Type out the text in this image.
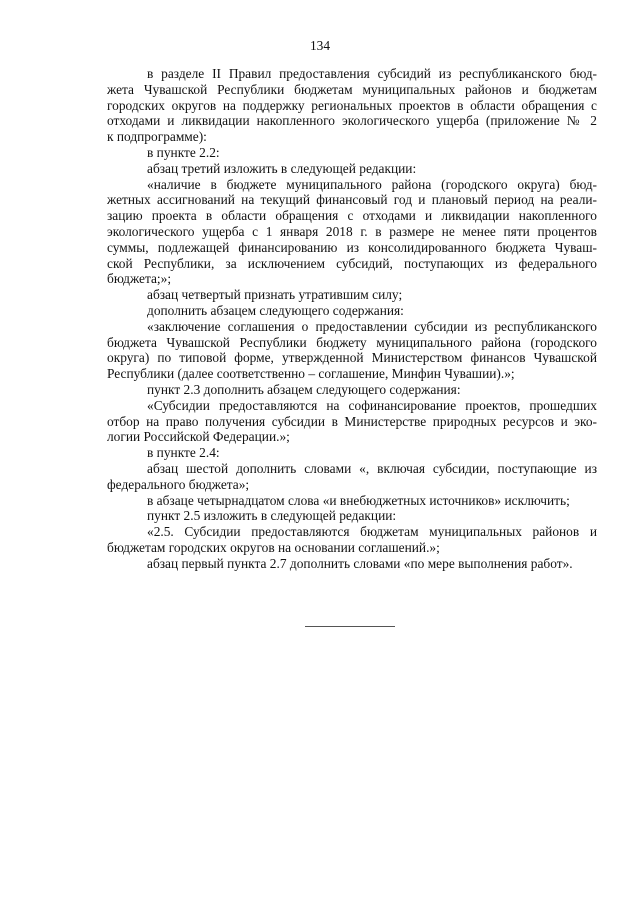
134
в разделе II Правил предоставления субсидий из республиканского бюд-
жета Чувашской Республики бюджетам муниципальных районов и бюджетам
городских округов на поддержку региональных проектов в области обращения с
отходами и ликвидации накопленного экологического ущерба (приложение № 2
к подпрограмме):
в пункте 2.2:
абзац третий изложить в следующей редакции:
«наличие в бюджете муниципального района (городского округа) бюд-
жетных ассигнований на текущий финансовый год и плановый период на реали-
зацию проекта в области обращения с отходами и ликвидации накопленного
экологического ущерба с 1 января 2018 г. в размере не менее пяти процентов
суммы, подлежащей финансированию из консолидированного бюджета Чуваш-
ской Республики, за исключением субсидий, поступающих из федерального
бюджета;»;
абзац четвертый признать утратившим силу;
дополнить абзацем следующего содержания:
«заключение соглашения о предоставлении субсидии из республиканского
бюджета Чувашской Республики бюджету муниципального района (городского
округа) по типовой форме, утвержденной Министерством финансов Чувашской
Республики (далее соответственно – соглашение, Минфин Чувашии).»;
пункт 2.3 дополнить абзацем следующего содержания:
«Субсидии предоставляются на софинансирование проектов, прошедших
отбор на право получения субсидии в Министерстве природных ресурсов и эко-
логии Российской Федерации.»;
в пункте 2.4:
абзац шестой дополнить словами «, включая субсидии, поступающие из
федерального бюджета»;
в абзаце четырнадцатом слова «и внебюджетных источников» исключить;
пункт 2.5 изложить в следующей редакции:
«2.5. Субсидии предоставляются бюджетам муниципальных районов и
бюджетам городских округов на основании соглашений.»;
абзац первый пункта 2.7 дополнить словами «по мере выполнения работ».
